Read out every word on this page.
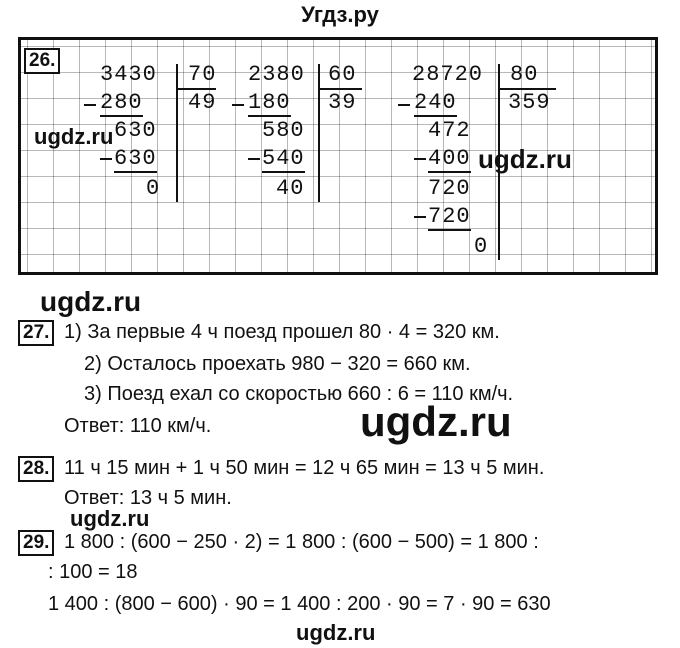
Угдз.ру
26.
3430 70
49
280
630
630
0
2380 60
39
180
580
540
40
28720 80
359
240
472
400
720
720
0
ugdz.ru
ugdz.ru
ugdz.ru
27. 1) За первые 4 ч поезд прошел 80 · 4 = 320 км.
2) Осталось проехать 980 − 320 = 660 км.
3) Поезд ехал со скоростью 660 : 6 = 110 км/ч.
Ответ: 110 км/ч.	ugdz.ru
28. 11 ч 15 мин + 1 ч 50 мин = 12 ч 65 мин = 13 ч 5 мин.
Ответ: 13 ч 5 мин.
ugdz.ru
29. 1 800 : (600 − 250 · 2) = 1 800 : (600 − 500) = 1 800 :
: 100 = 18
1 400 : (800 − 600) · 90 = 1 400 : 200 · 90 = 7 · 90 = 630
ugdz.ru
